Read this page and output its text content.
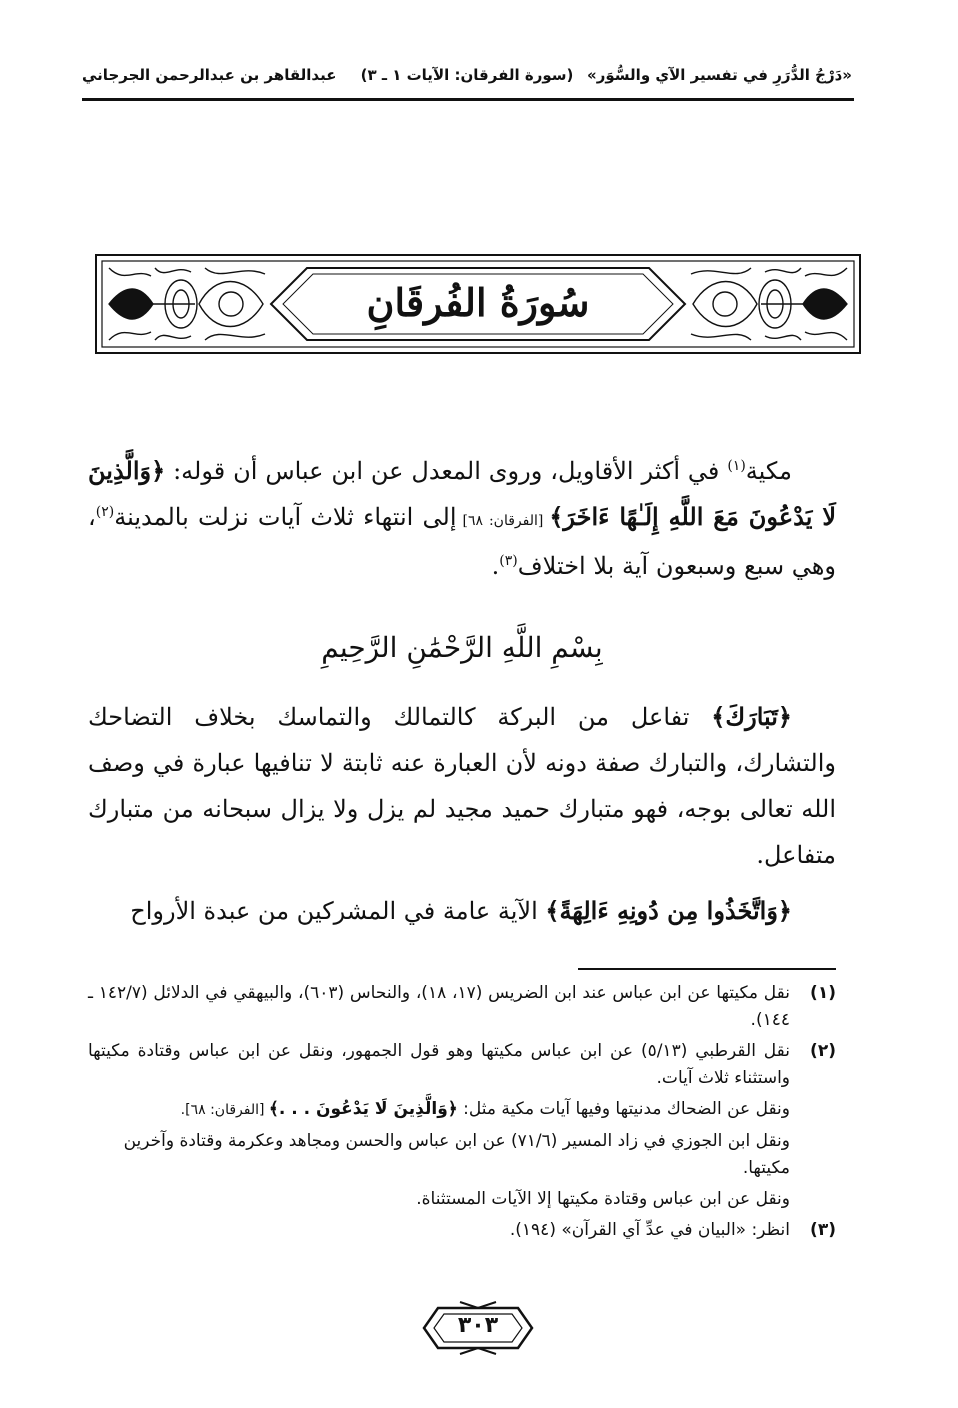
«دَرْجُ الدُّرَرِ في تفسير الآي والسُّوَر»
(سورة الفرقان: الآيات ١ ـ ٣)
عبدالقاهر بن عبدالرحمن الجرجاني
سُورَةُ الفُرقَانِ
مكية$^{(١)}$ في أكثر الأقاويل، وروى المعدل عن ابن عباس أن قوله: ﴿وَالَّذِينَ لَا يَدْعُونَ مَعَ اللَّهِ إِلَـٰهًا ءَاخَرَ﴾ [الفرقان: ٦٨] إلى انتهاء ثلاث آيات نزلت بالمدينة$^{(٢)}$، وهي سبع وسبعون آية بلا اختلاف$^{(٣)}$.
بِسْمِ اللَّهِ الرَّحْمَٰنِ الرَّحِيمِ
﴿تَبَارَكَ﴾ تفاعل من البركة كالتمالك والتماسك بخلاف التضاحك والتشارك، والتبارك صفة دونه لأن العبارة عنه ثابتة لا تنافيها عبارة في وصف الله تعالى بوجه، فهو متبارك حميد مجيد لم يزل ولا يزال سبحانه من متبارك متفاعل.
﴿وَاتَّخَذُوا مِن دُونِهِ ءَالِهَةً﴾ الآية عامة في المشركين من عبدة الأرواح
(١)
نقل مكيتها عن ابن عباس عند ابن الضريس (١٧، ١٨)، والنحاس (٦٠٣)، والبيهقي في الدلائل (١٤٢/٧ ـ ١٤٤).
(٢)
نقل القرطبي (٥/١٣) عن ابن عباس مكيتها وهو قول الجمهور، ونقل عن ابن عباس وقتادة مكيتها واستثناء ثلاث آيات.
ونقل عن الضحاك مدنيتها وفيها آيات مكية مثل: ﴿وَالَّذِينَ لَا يَدْعُونَ . . .﴾ [الفرقان: ٦٨].
ونقل ابن الجوزي في زاد المسير (٧١/٦) عن ابن عباس والحسن ومجاهد وعكرمة وقتادة وآخرين مكيتها.
ونقل عن ابن عباس وقتادة مكيتها إلا الآيات المستثناة.
(٣)
انظر: «البيان في عدِّ آي القرآن» (١٩٤).
٣٠٣
